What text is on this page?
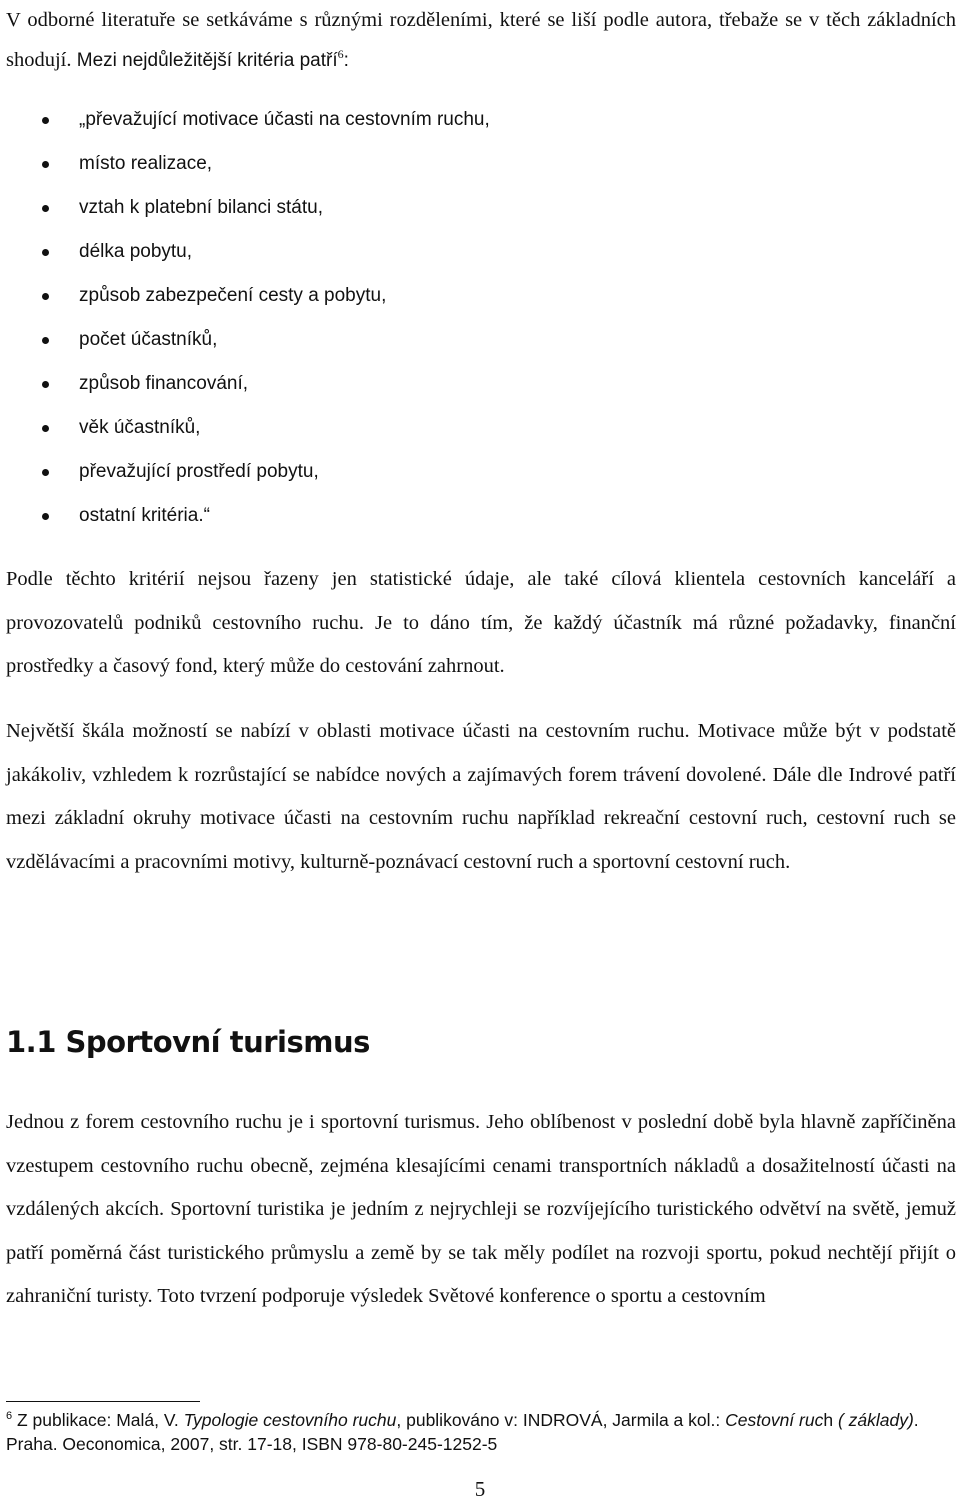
V odborné literatuře se setkáváme s různými rozděleními, které se liší podle autora, třebaže se v těch základních shodují. Mezi nejdůležitější kritéria patří$^6$:
„převažující motivace účasti na cestovním ruchu,
místo realizace,
vztah k platební bilanci státu,
délka pobytu,
způsob zabezpečení cesty a pobytu,
počet účastníků,
způsob financování,
věk účastníků,
převažující prostředí pobytu,
ostatní kritéria.“
Podle těchto kritérií nejsou řazeny jen statistické údaje, ale také cílová klientela cestovních kanceláří a provozovatelů podniků cestovního ruchu. Je to dáno tím, že každý účastník má různé požadavky, finanční prostředky a časový fond, který může do cestování zahrnout.
Největší škála možností se nabízí v oblasti motivace účasti na cestovním ruchu. Motivace může být v podstatě jakákoliv, vzhledem k rozrůstající se nabídce nových a zajímavých forem trávení dovolené. Dále dle Indrové patří mezi základní okruhy motivace účasti na cestovním ruchu například rekreační cestovní ruch, cestovní ruch se vzdělávacími a pracovními motivy, kulturně-poznávací cestovní ruch a sportovní cestovní ruch.
1.1 Sportovní turismus
Jednou z forem cestovního ruchu je i sportovní turismus. Jeho oblíbenost v poslední době byla hlavně zapříčiněna vzestupem cestovního ruchu obecně, zejména klesajícími cenami transportních nákladů a dosažitelností účasti na vzdálených akcích. Sportovní turistika je jedním z nejrychleji se rozvíjejícího turistického odvětví na světě, jemuž patří poměrná část turistického průmyslu a země by se tak měly podílet na rozvoji sportu, pokud nechtějí přijít o zahraniční turisty. Toto tvrzení podporuje výsledek Světové konference o sportu a cestovním
$^6$ Z publikace: Malá, V. Typologie cestovního ruchu, publikováno v: INDROVÁ, Jarmila a kol.: Cestovní ruch ( základy). Praha. Oeconomica, 2007, str. 17-18, ISBN 978-80-245-1252-5
5
